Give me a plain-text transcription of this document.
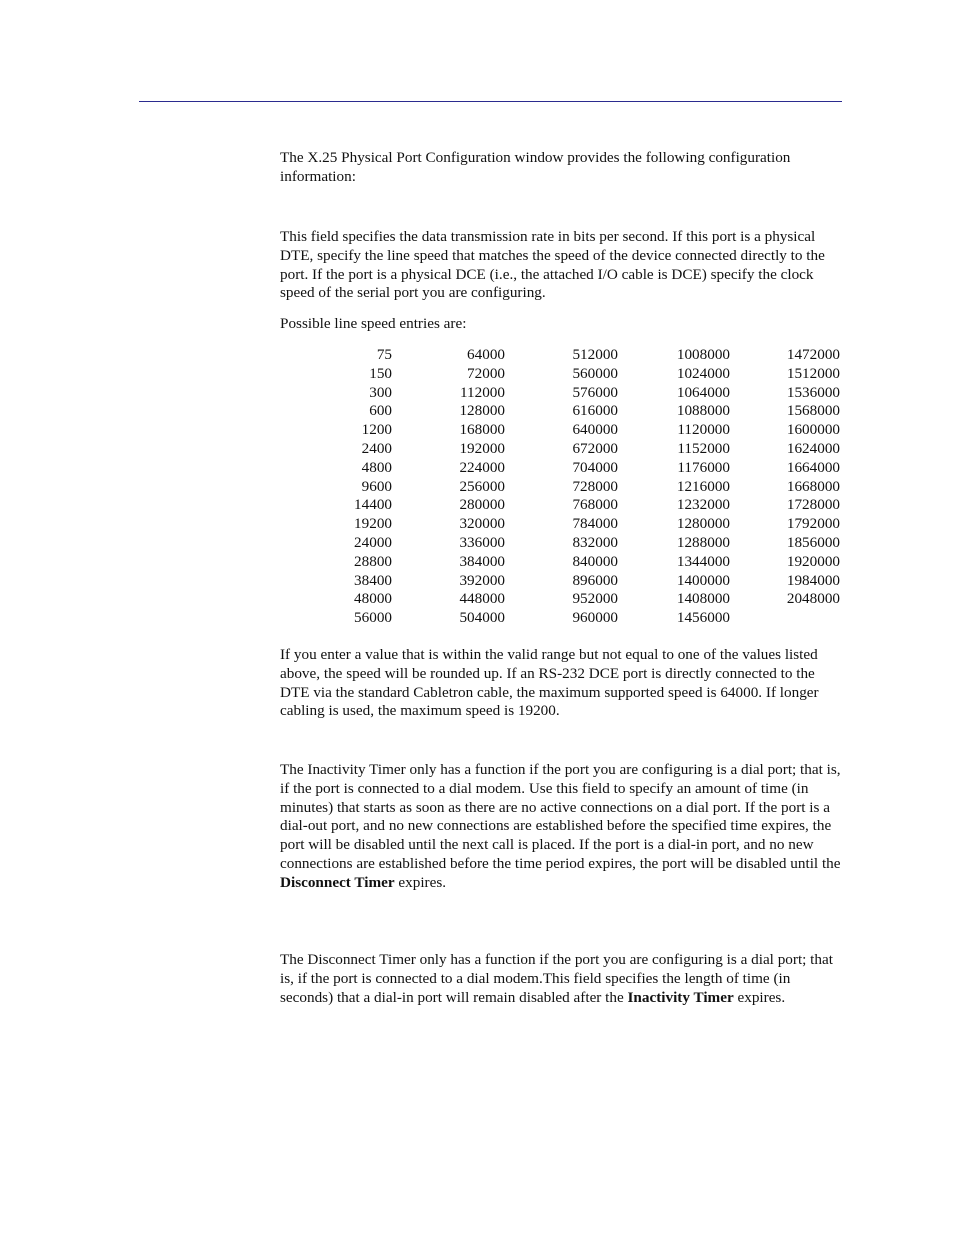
The X.25 Physical Port Configuration window provides the following configuration information:

This field specifies the data transmission rate in bits per second. If this port is a physical DTE, specify the line speed that matches the speed of the device connected directly to the port. If the port is a physical DCE (i.e., the attached I/O cable is DCE) specify the clock speed of the serial port you are configuring.

Possible line speed entries are:

75	64000	512000	1008000	1472000
150	72000	560000	1024000	1512000
300	112000	576000	1064000	1536000
600	128000	616000	1088000	1568000
1200	168000	640000	1120000	1600000
2400	192000	672000	1152000	1624000
4800	224000	704000	1176000	1664000
9600	256000	728000	1216000	1668000
14400	280000	768000	1232000	1728000
19200	320000	784000	1280000	1792000
24000	336000	832000	1288000	1856000
28800	384000	840000	1344000	1920000
38400	392000	896000	1400000	1984000
48000	448000	952000	1408000	2048000
56000	504000	960000	1456000

If you enter a value that is within the valid range but not equal to one of the values listed above, the speed will be rounded up. If an RS-232 DCE port is directly connected to the DTE via the standard Cabletron cable, the maximum supported speed is 64000. If longer cabling is used, the maximum speed is 19200.

The Inactivity Timer only has a function if the port you are configuring is a dial port; that is, if the port is connected to a dial modem. Use this field to specify an amount of time (in minutes) that starts as soon as there are no active connections on a dial port. If the port is a dial-out port, and no new connections are established before the specified time expires, the port will be disabled until the next call is placed. If the port is a dial-in port, and no new connections are established before the time period expires, the port will be disabled until the
Disconnect Timer expires.

The Disconnect Timer only has a function if the port you are configuring is a dial port; that is, if the port is connected to a dial modem.This field specifies the length of time (in seconds) that a dial-in port will remain disabled after the Inactivity Timer expires.
